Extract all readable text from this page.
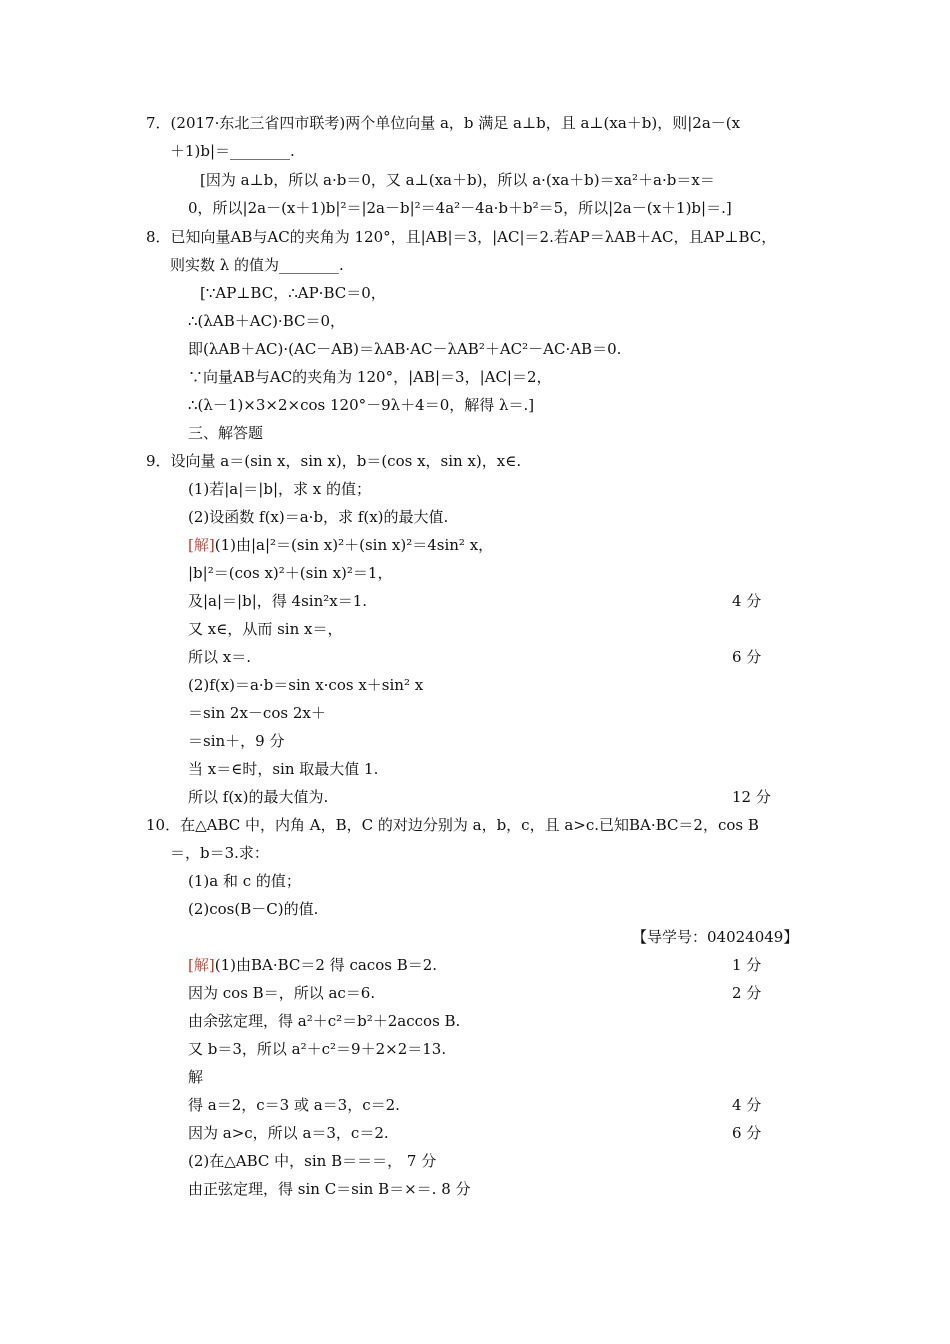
7．(2017·东北三省四市联考)两个单位向量 a，b 满足 a⊥b，且 a⊥(xa＋b)，则|2a－(x
＋1)b|＝________.
[因为 a⊥b，所以 a·b＝0，又 a⊥(xa＋b)，所以 a·(xa＋b)＝xa²＋a·b＝x＝
0，所以|2a－(x＋1)b|²＝|2a－b|²＝4a²－4a·b＋b²＝5，所以|2a－(x＋1)b|＝.]
8．已知向量AB与AC的夹角为 120°，且|AB|＝3，|AC|＝2.若AP＝λAB＋AC，且AP⊥BC，
则实数 λ 的值为________.
[∵AP⊥BC，∴AP·BC＝0，
∴(λAB＋AC)·BC＝0，
即(λAB＋AC)·(AC－AB)＝λAB·AC－λAB²＋AC²－AC·AB＝0.
∵向量AB与AC的夹角为 120°，|AB|＝3，|AC|＝2，
∴(λ－1)×3×2×cos 120°－9λ＋4＝0，解得 λ＝.]
三、解答题
9．设向量 a＝(sin x，sin x)，b＝(cos x，sin x)，x∈.
(1)若|a|＝|b|，求 x 的值；
(2)设函数 f(x)＝a·b，求 f(x)的最大值.
[解](1)由|a|²＝(sin x)²＋(sin x)²＝4sin² x，
|b|²＝(cos x)²＋(sin x)²＝1，
及|a|＝|b|，得 4sin²x＝1.
又 x∈，从而 sin x＝，
所以 x＝.
(2)f(x)＝a·b＝sin x·cos x＋sin² x
＝sin 2x－cos 2x＋
＝sin＋，9 分
当 x＝∈时，sin 取最大值 1.
所以 f(x)的最大值为.
10．在△ABC 中，内角 A，B，C 的对边分别为 a，b，c，且 a>c.已知BA·BC＝2，cos B
＝，b＝3.求：
(1)a 和 c 的值；
(2)cos(B－C)的值.
【导学号：04024049】
[解](1)由BA·BC＝2 得 cacos B＝2.
因为 cos B＝，所以 ac＝6.
由余弦定理，得 a²＋c²＝b²＋2accos B.
又 b＝3，所以 a²＋c²＝9＋2×2＝13.
解
得 a＝2，c＝3 或 a＝3，c＝2.
因为 a>c，所以 a＝3，c＝2.
(2)在△ABC 中，sin B＝＝＝， 7 分
由正弦定理，得 sin C＝sin B＝×＝. 8 分
4 分
6 分
12 分
1 分
2 分
4 分
6 分
